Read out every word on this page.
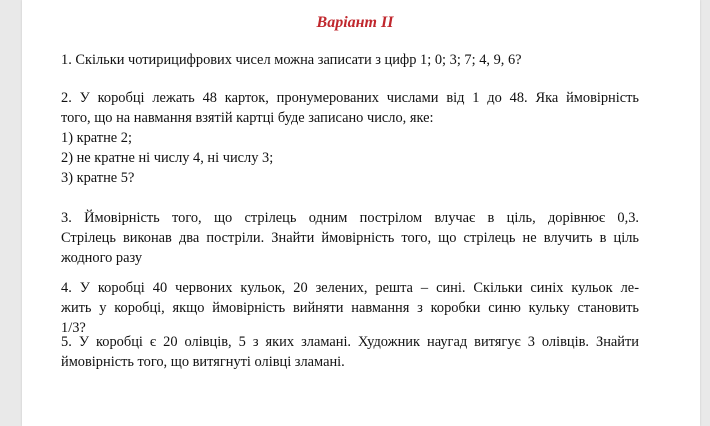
Варіант II
1. Скільки чотирицифрових чисел можна записати з цифр 1; 0; 3; 7; 4, 9, 6?
2. У коробці лежать 48 карток, пронумерованих числами від 1 до 48. Яка ймовірність
того, що на навмання взятій картці буде записано число, яке:
1) кратне 2;
2) не кратне ні числу 4, ні числу 3;
3) кратне 5?
3. Ймовірність того, що стрілець одним пострілом влучає в ціль, дорівнює 0,3.
Стрілець виконав два постріли. Знайти ймовірність того, що стрілець не влучить в ціль
жодного разу
4. У коробці 40 червоних кульок, 20 зелених, решта – сині. Скільки синіх кульок ле-
жить у коробці, якщо ймовірність вийняти навмання з коробки синю кульку становить
1/3?
5. У коробці є 20 олівців, 5 з яких зламані. Художник наугад витягує 3 олівців. Знайти
ймовірність того, що витягнуті олівці зламані.
